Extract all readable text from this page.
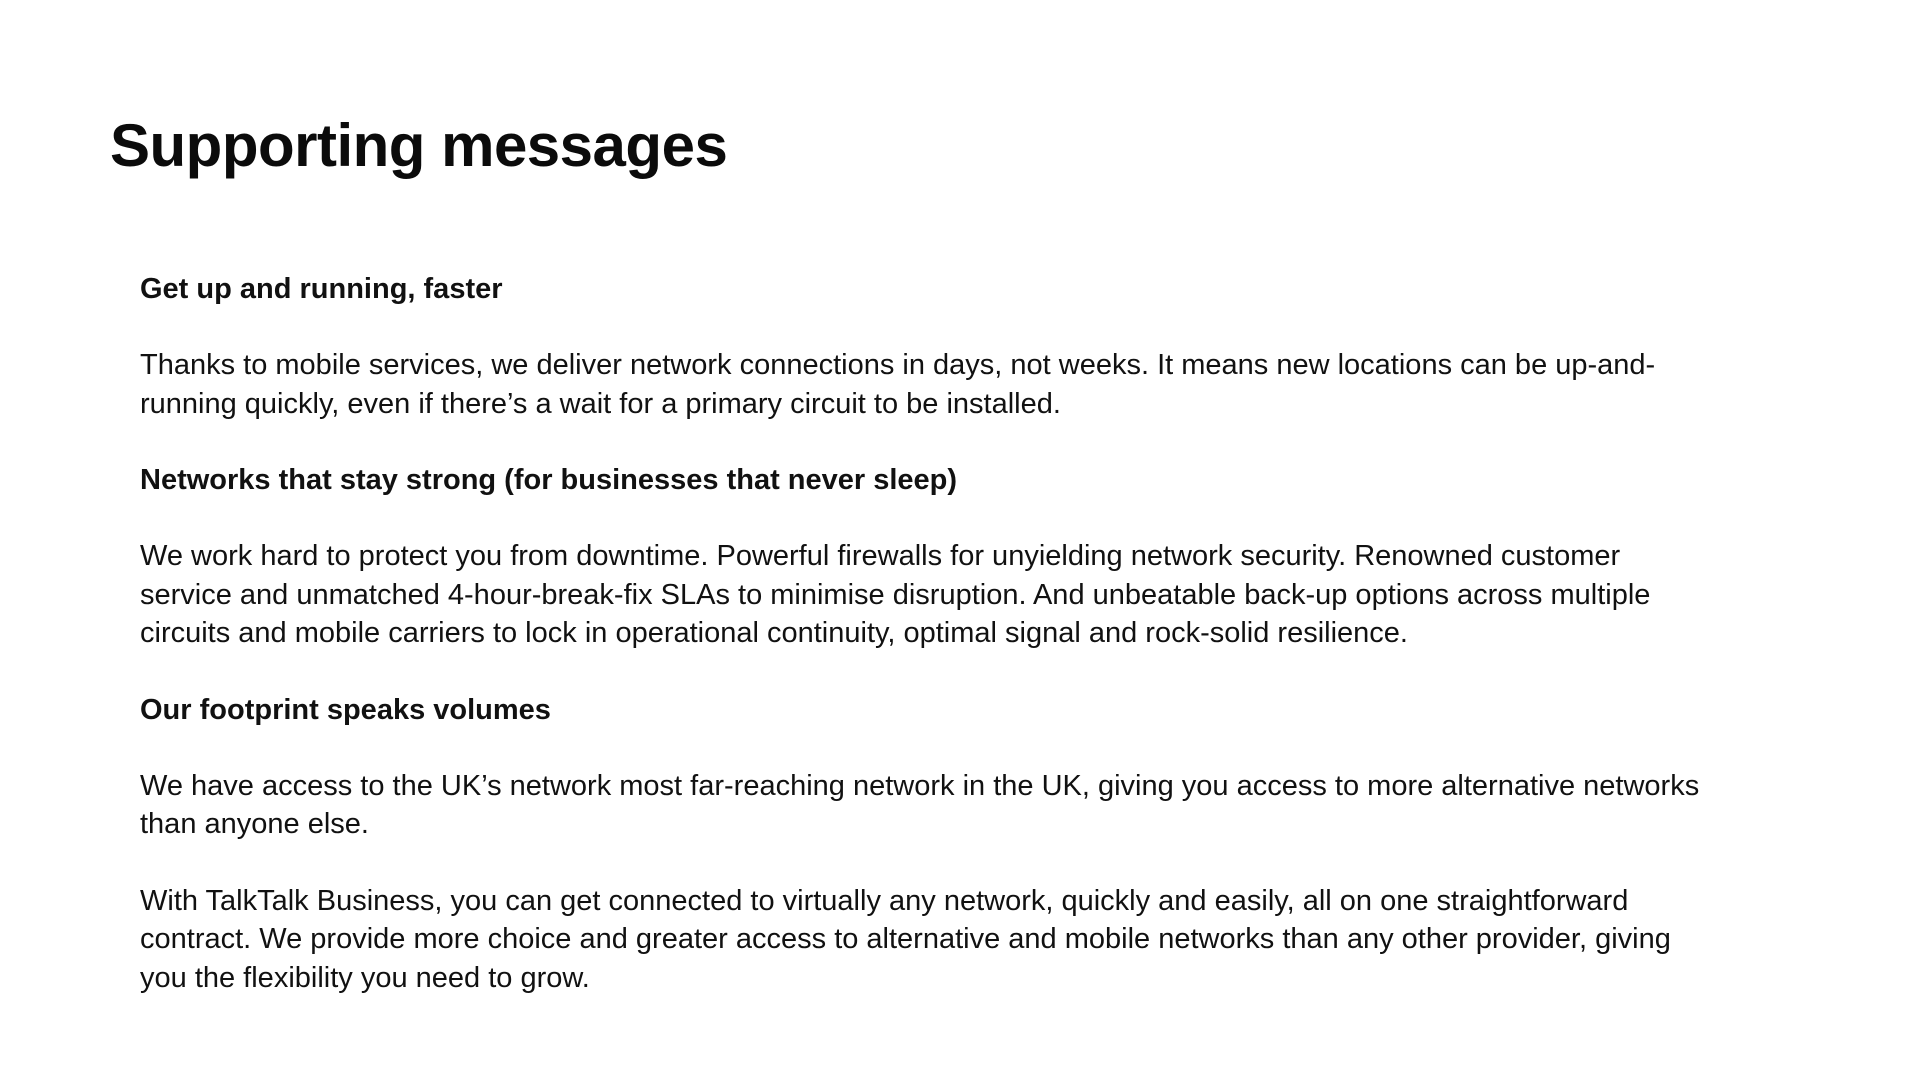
Supporting messages

Get up and running, faster

Thanks to mobile services, we deliver network connections in days, not weeks. It means new locations can be up-and-running quickly, even if there’s a wait for a primary circuit to be installed.

Networks that stay strong (for businesses that never sleep)

We work hard to protect you from downtime. Powerful firewalls for unyielding network security. Renowned customer service and unmatched 4-hour-break-fix SLAs to minimise disruption. And unbeatable back-up options across multiple circuits and mobile carriers to lock in operational continuity, optimal signal and rock-solid resilience.

Our footprint speaks volumes

We have access to the UK’s network most far-reaching network in the UK, giving you access to more alternative networks than anyone else.

With TalkTalk Business, you can get connected to virtually any network, quickly and easily, all on one straightforward contract. We provide more choice and greater access to alternative and mobile networks than any other provider, giving you the flexibility you need to grow.
